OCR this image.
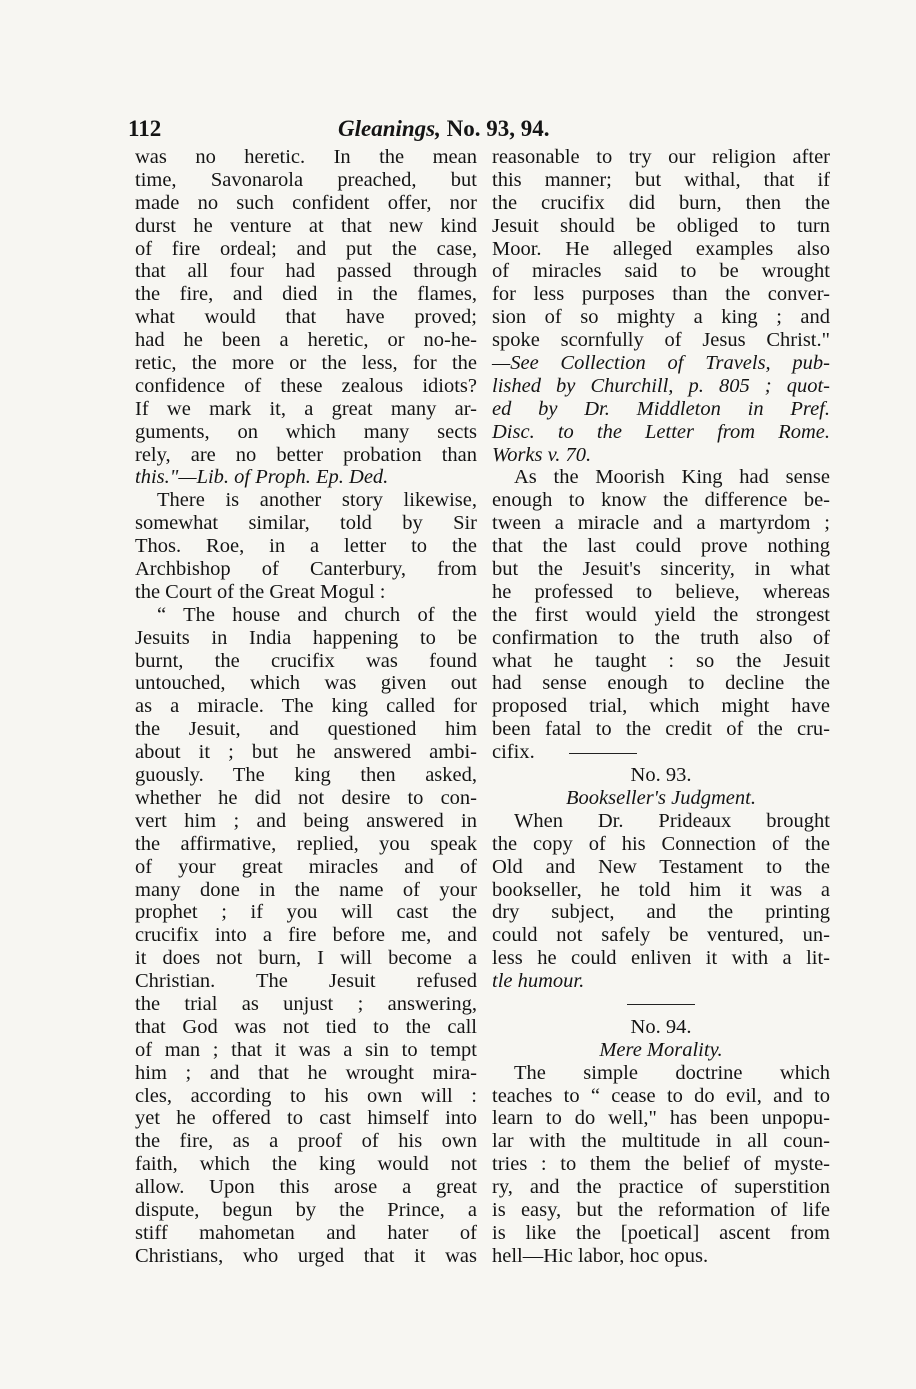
112	Gleanings, No. 93, 94.
was no heretic. In the mean
time, Savonarola preached, but
made no such confident offer, nor
durst he venture at that new kind
of fire ordeal; and put the case,
that all four had passed through
the fire, and died in the flames,
what would that have proved;
had he been a heretic, or no-he-
retic, the more or the less, for the
confidence of these zealous idiots?
If we mark it, a great many ar-
guments, on which many sects
rely, are no better probation than
this."—Lib. of Proph. Ep. Ded.
There is another story likewise,
somewhat similar, told by Sir
Thos. Roe, in a letter to the
Archbishop of Canterbury, from
the Court of the Great Mogul :
“ The house and church of the
Jesuits in India happening to be
burnt, the crucifix was found
untouched, which was given out
as a miracle. The king called for
the Jesuit, and questioned him
about it ; but he answered ambi-
guously. The king then asked,
whether he did not desire to con-
vert him ; and being answered in
the affirmative, replied, you speak
of your great miracles and of
many done in the name of your
prophet ; if you will cast the
crucifix into a fire before me, and
it does not burn, I will become a
Christian. The Jesuit refused
the trial as unjust ; answering,
that God was not tied to the call
of man ; that it was a sin to tempt
him ; and that he wrought mira-
cles, according to his own will :
yet he offered to cast himself into
the fire, as a proof of his own
faith, which the king would not
allow. Upon this arose a great
dispute, begun by the Prince, a
stiff mahometan and hater of
Christians, who urged that it was
reasonable to try our religion after
this manner; but withal, that if
the crucifix did burn, then the
Jesuit should be obliged to turn
Moor. He alleged examples also
of miracles said to be wrought
for less purposes than the conver-
sion of so mighty a king ; and
spoke scornfully of Jesus Christ."
—See Collection of Travels, pub-
lished by Churchill, p. 805 ; quot-
ed by Dr. Middleton in Pref.
Disc. to the Letter from Rome.
Works v. 70.
As the Moorish King had sense
enough to know the difference be-
tween a miracle and a martyrdom ;
that the last could prove nothing
but the Jesuit's sincerity, in what
he professed to believe, whereas
the first would yield the strongest
confirmation to the truth also of
what he taught : so the Jesuit
had sense enough to decline the
proposed trial, which might have
been fatal to the credit of the cru-
cifix.
No. 93.
Bookseller's Judgment.
When Dr. Prideaux brought
the copy of his Connection of the
Old and New Testament to the
bookseller, he told him it was a
dry subject, and the printing
could not safely be ventured, un-
less he could enliven it with a lit-
tle humour.
No. 94.
Mere Morality.
The simple doctrine which
teaches to “ cease to do evil, and to
learn to do well," has been unpopu-
lar with the multitude in all coun-
tries : to them the belief of myste-
ry, and the practice of superstition
is easy, but the reformation of life
is like the [poetical] ascent from
hell—Hic labor, hoc opus.
